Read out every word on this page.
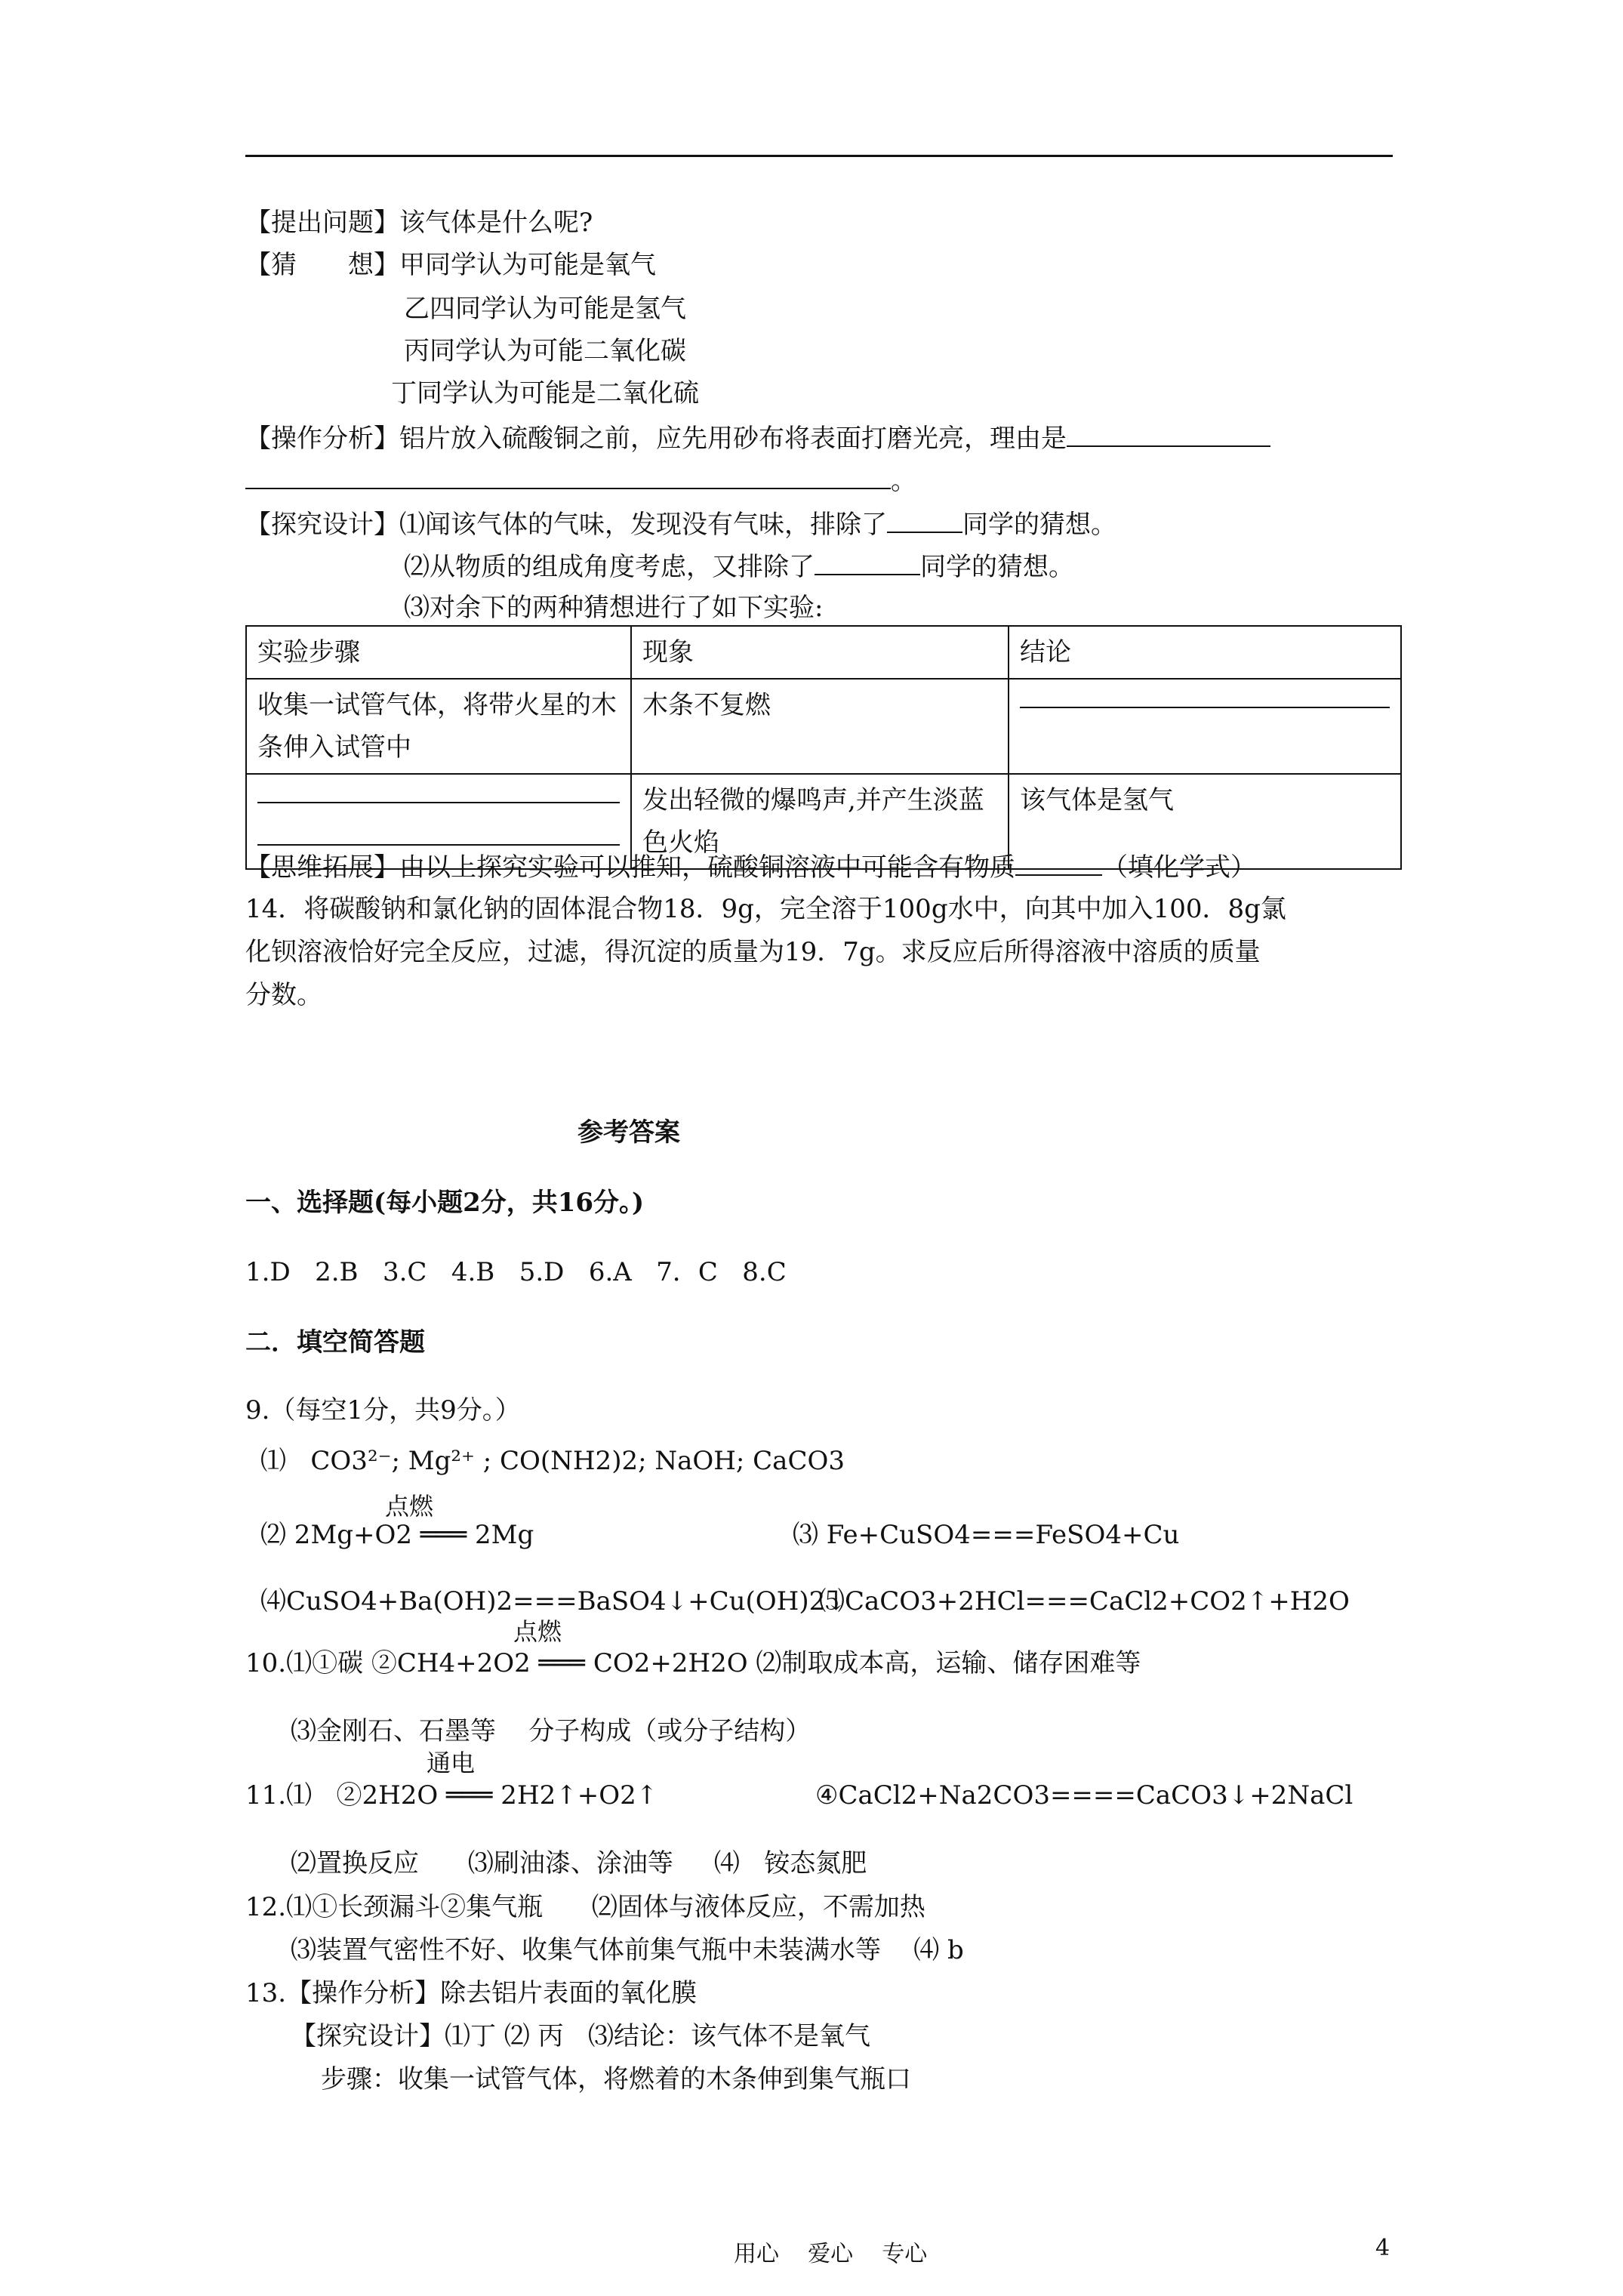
【提出问题】该气体是什么呢?
【猜　　想】甲同学认为可能是氧气
乙四同学认为可能是氢气
丙同学认为可能二氧化碳
丁同学认为可能是二氧化硫
【操作分析】铝片放入硫酸铜之前，应先用砂布将表面打磨光亮，理由是
。
【探究设计】⑴闻该气体的气味，发现没有气味，排除了	同学的猜想。
⑵从物质的组成角度考虑，又排除了	同学的猜想。
⑶对余下的两种猜想进行了如下实验:
实验步骤	现象	结论
收集一试管气体，将带火星的木条伸入试管中	木条不复燃	

	发出轻微的爆鸣声,并产生淡蓝色火焰	该气体是氢气
【思维拓展】由以上探究实验可以推知，硫酸铜溶液中可能含有物质	（填化学式）
14．将碳酸钠和氯化钠的固体混合物18．9g，完全溶于100g水中，向其中加入100．8g氯
化钡溶液恰好完全反应，过滤，得沉淀的质量为19．7g。求反应后所得溶液中溶质的质量
分数。
参考答案
一、选择题(每小题2分，共16分。)
1.D   2.B   3.C   4.B   5.D   6.A   7．C   8.C
二．填空简答题
9.（每空1分，共9分。）
⑴   CO3²⁻; Mg²⁺ ; CO(NH2)2; NaOH; CaCO3
点燃
⑵ 2Mg+O2 ═══ 2Mg	⑶ Fe+CuSO4===FeSO4+Cu
⑷CuSO4+Ba(OH)2===BaSO4↓+Cu(OH)2↓
⑸CaCO3+2HCl===CaCl2+CO2↑+H2O
点燃
10.⑴①碳 ②CH4+2O2 ═══ CO2+2H2O ⑵制取成本高，运输、储存困难等
⑶金刚石、石墨等    分子构成（或分子结构）
通电
11.⑴   ②2H2O ═══ 2H2↑+O2↑	④CaCl2+Na2CO3====CaCO3↓+2NaCl
⑵置换反应      ⑶刷油漆、涂油等     ⑷   铵态氮肥
12.⑴①长颈漏斗②集气瓶      ⑵固体与液体反应，不需加热
⑶装置气密性不好、收集气体前集气瓶中未装满水等    ⑷ b
13.【操作分析】除去铝片表面的氧化膜
【探究设计】⑴丁 ⑵ 丙   ⑶结论：该气体不是氧气
步骤：收集一试管气体，将燃着的木条伸到集气瓶口
用心    爱心    专心	4
